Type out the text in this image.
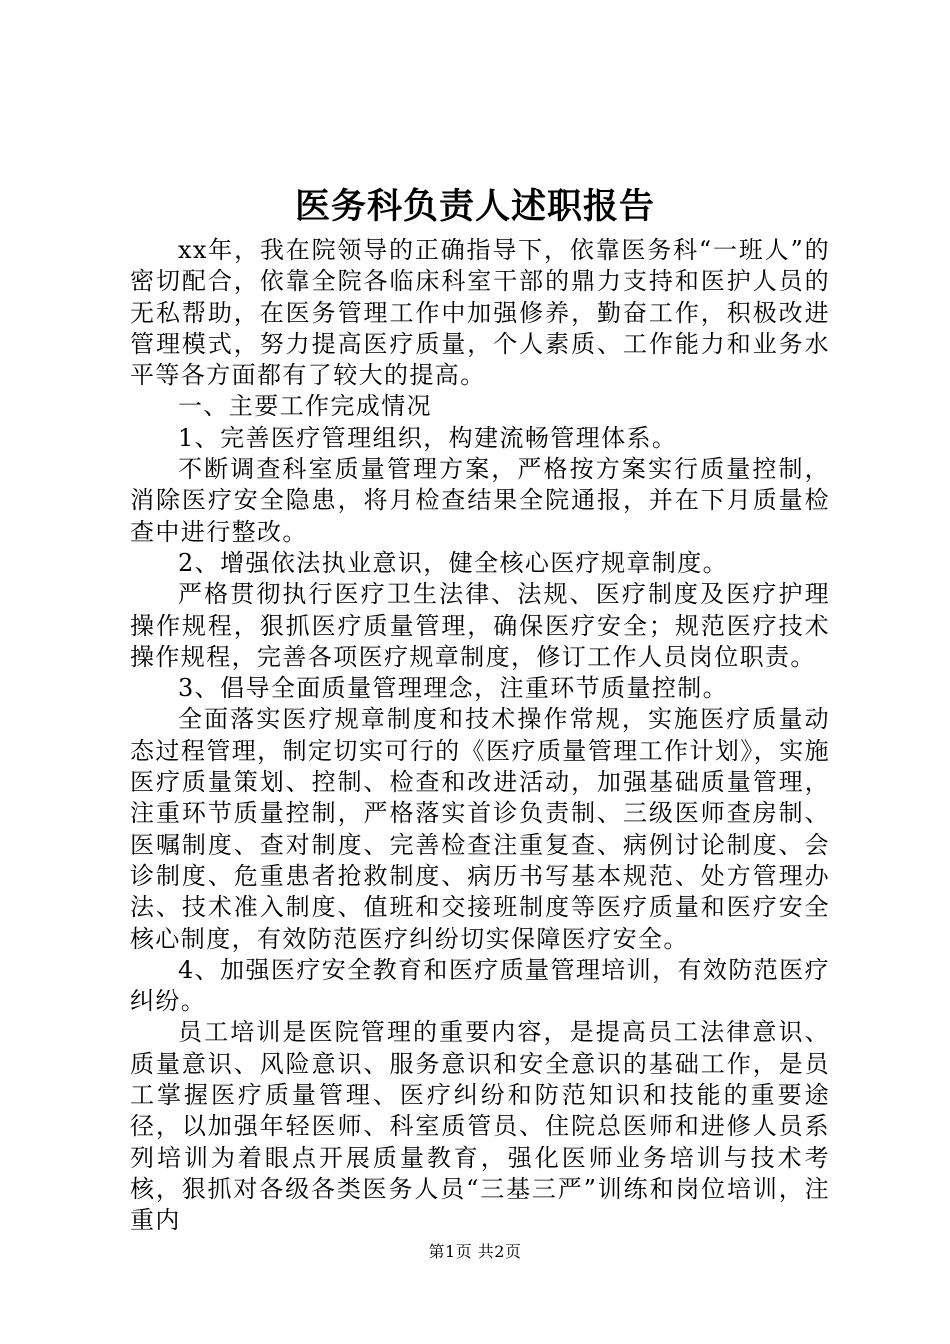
医务科负责人述职报告

xx年，我在院领导的正确指导下，依靠医务科“一班人”的密切配合，依靠全院各临床科室干部的鼎力支持和医护人员的无私帮助，在医务管理工作中加强修养，勤奋工作，积极改进管理模式，努力提高医疗质量，个人素质、工作能力和业务水平等各方面都有了较大的提高。

一、主要工作完成情况

1、完善医疗管理组织，构建流畅管理体系。

不断调查科室质量管理方案，严格按方案实行质量控制，消除医疗安全隐患，将月检查结果全院通报，并在下月质量检查中进行整改。

2、增强依法执业意识，健全核心医疗规章制度。

严格贯彻执行医疗卫生法律、法规、医疗制度及医疗护理操作规程，狠抓医疗质量管理，确保医疗安全；规范医疗技术操作规程，完善各项医疗规章制度，修订工作人员岗位职责。

3、倡导全面质量管理理念，注重环节质量控制。

全面落实医疗规章制度和技术操作常规，实施医疗质量动态过程管理，制定切实可行的《医疗质量管理工作计划》，实施医疗质量策划、控制、检查和改进活动，加强基础质量管理，注重环节质量控制，严格落实首诊负责制、三级医师查房制、医嘱制度、查对制度、完善检查注重复查、病例讨论制度、会诊制度、危重患者抢救制度、病历书写基本规范、处方管理办法、技术准入制度、值班和交接班制度等医疗质量和医疗安全核心制度，有效防范医疗纠纷切实保障医疗安全。

4、加强医疗安全教育和医疗质量管理培训，有效防范医疗纠纷。

员工培训是医院管理的重要内容，是提高员工法律意识、质量意识、风险意识、服务意识和安全意识的基础工作，是员工掌握医疗质量管理、医疗纠纷和防范知识和技能的重要途径，以加强年轻医师、科室质管员、住院总医师和进修人员系列培训为着眼点开展质量教育，强化医师业务培训与技术考核，狠抓对各级各类医务人员“三基三严”训练和岗位培训，注重内

第1页 共2页
